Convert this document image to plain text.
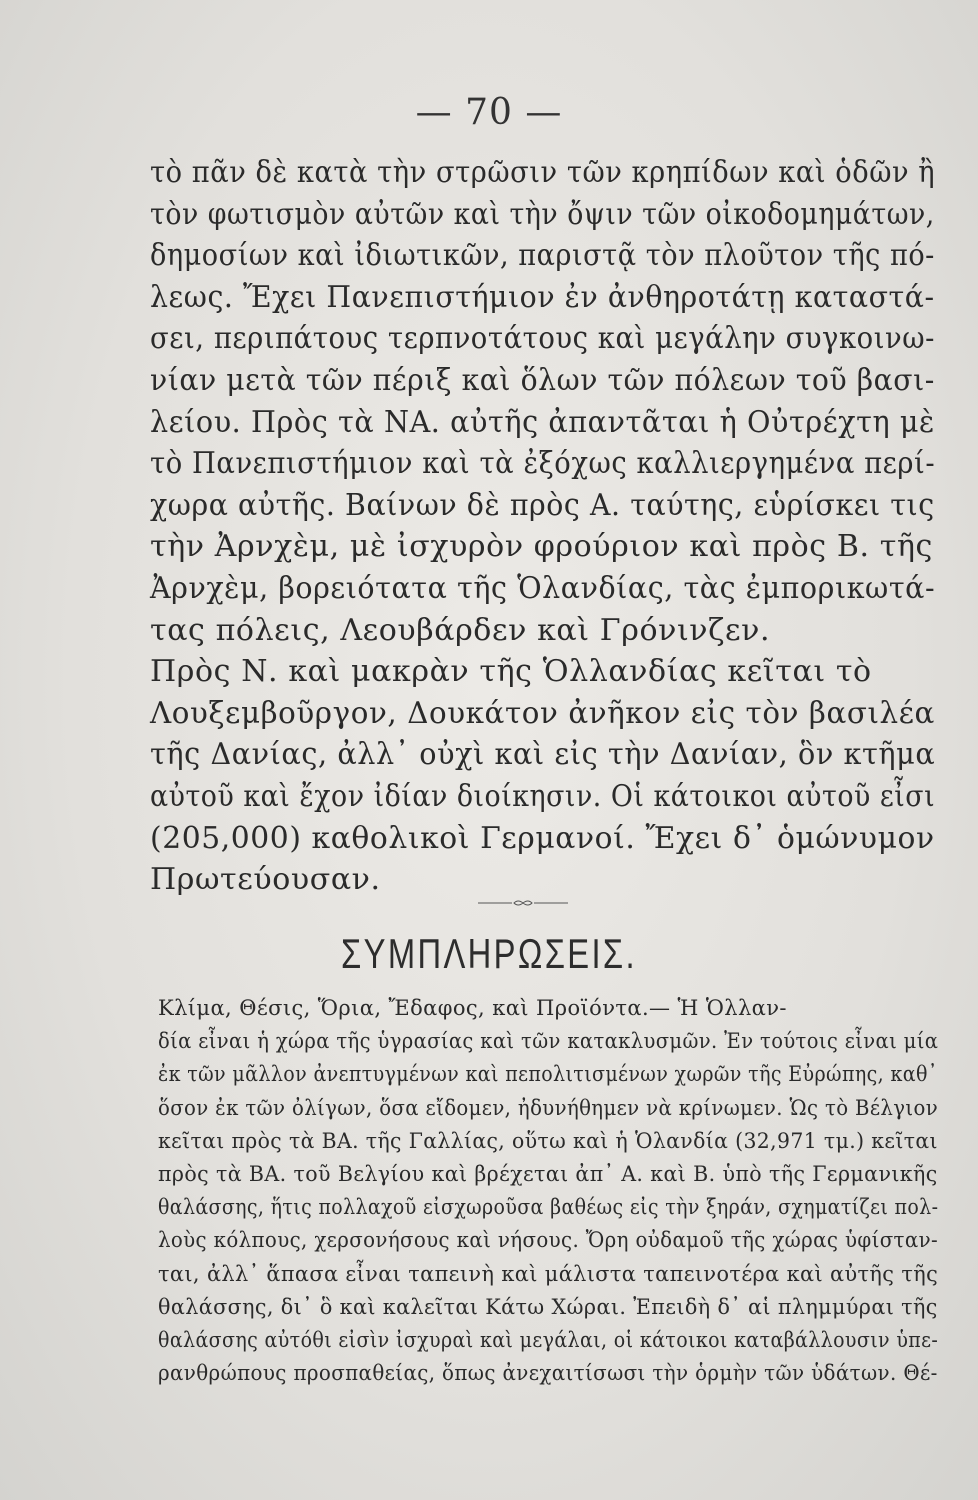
— 70 —
τὸ πᾶν δὲ κατὰ τὴν στρῶσιν τῶν κρηπίδων καὶ ὁδῶν ἢ
τὸν φωτισμὸν αὐτῶν καὶ τὴν ὄψιν τῶν οἰκοδομημάτων,
δημοσίων καὶ ἰδιωτικῶν, παριστᾷ τὸν πλοῦτον τῆς πό-
λεως. Ἔχει Πανεπιστήμιον ἐν ἀνθηροτάτῃ καταστά-
σει, περιπάτους τερπνοτάτους καὶ μεγάλην συγκοινω-
νίαν μετὰ τῶν πέριξ καὶ ὅλων τῶν πόλεων τοῦ βασι-
λείου. Πρὸς τὰ ΝΑ. αὐτῆς ἀπαντᾶται ἡ Οὐτρέχτη μὲ
τὸ Πανεπιστήμιον καὶ τὰ ἐξόχως καλλιεργημένα περί-
χωρα αὐτῆς. Βαίνων δὲ πρὸς Α. ταύτης, εὑρίσκει τις
τὴν Ἀρνχὲμ, μὲ ἰσχυρὸν φρούριον καὶ πρὸς Β. τῆς
Ἀρνχὲμ, βορειότατα τῆς Ὁλανδίας, τὰς ἐμπορικωτά-
τας πόλεις, Λεουβάρδεν καὶ Γρόνινζεν.
Πρὸς Ν. καὶ μακρὰν τῆς Ὁλλανδίας κεῖται τὸ
Λουξεμβοῦργον, Δουκάτον ἀνῆκον εἰς τὸν βασιλέα
τῆς Δανίας, ἀλλ᾽ οὐχὶ καὶ εἰς τὴν Δανίαν, ὃν κτῆμα
αὐτοῦ καὶ ἔχον ἰδίαν διοίκησιν. Οἱ κάτοικοι αὐτοῦ εἶσι
(205,000) καθολικοὶ Γερμανοί. Ἔχει δ᾽ ὁμώνυμον
Πρωτεύουσαν.
ΣΥΜΠΛΗΡΩΣΕΙΣ.
Κλίμα, Θέσις, Ὅρια, Ἔδαφος, καὶ Προϊόντα.— Ἡ Ὁλλαν-
δία εἶναι ἡ χώρα τῆς ὑγρασίας καὶ τῶν κατακλυσμῶν. Ἐν τούτοις εἶναι μία
ἐκ τῶν μᾶλλον ἀνεπτυγμένων καὶ πεπολιτισμένων χωρῶν τῆς Εὐρώπης, καθ᾽
ὅσον ἐκ τῶν ὀλίγων, ὅσα εἴδομεν, ἠδυνήθημεν νὰ κρίνωμεν. Ὡς τὸ Βέλγιον
κεῖται πρὸς τὰ ΒΑ. τῆς Γαλλίας, οὕτω καὶ ἡ Ὁλανδία (32,971 τμ.) κεῖται
πρὸς τὰ ΒΑ. τοῦ Βελγίου καὶ βρέχεται ἀπ᾽ Α. καὶ Β. ὑπὸ τῆς Γερμανικῆς
θαλάσσης, ἥτις πολλαχοῦ εἰσχωροῦσα βαθέως εἰς τὴν ξηράν, σχηματίζει πολ-
λοὺς κόλπους, χερσονήσους καὶ νήσους. Ὄρη οὐδαμοῦ τῆς χώρας ὑφίσταν-
ται, ἀλλ᾽ ἅπασα εἶναι ταπεινὴ καὶ μάλιστα ταπεινοτέρα καὶ αὐτῆς τῆς
θαλάσσης, δι᾽ ὃ καὶ καλεῖται Κάτω Χώραι. Ἐπειδὴ δ᾽ αἱ πλημμύραι τῆς
θαλάσσης αὐτόθι εἰσὶν ἰσχυραὶ καὶ μεγάλαι, οἱ κάτοικοι καταβάλλουσιν ὑπε-
ρανθρώπους προσπαθείας, ὅπως ἀνεχαιτίσωσι τὴν ὁρμὴν τῶν ὑδάτων. Θέ-
